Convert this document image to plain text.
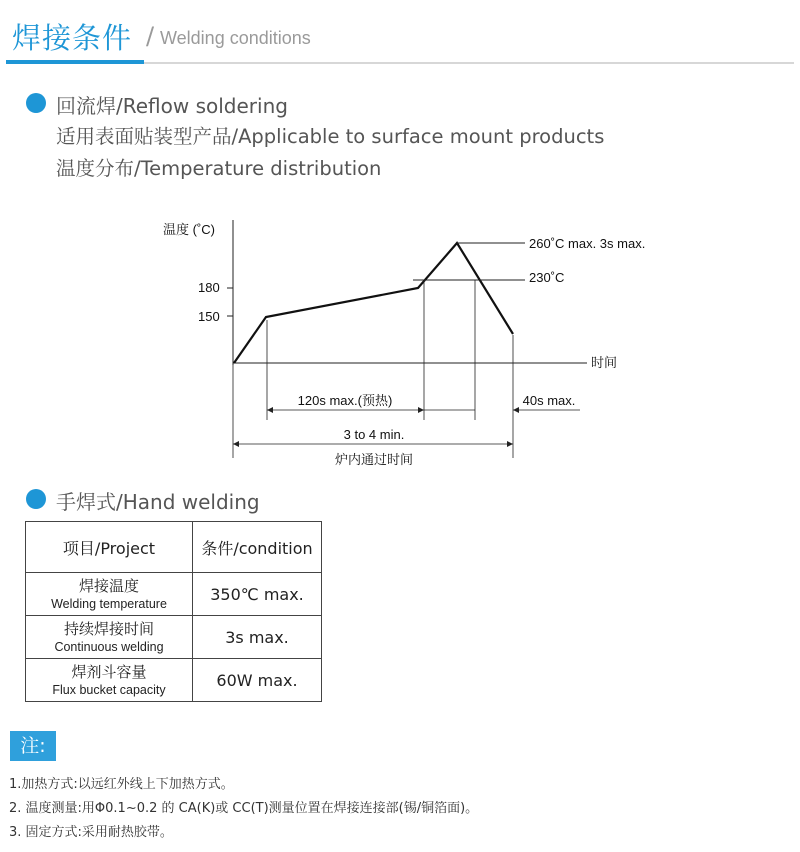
焊接条件 / Welding conditions
回流焊/Reflow soldering
适用表面贴装型产品/Applicable to surface mount products
温度分布/Temperature distribution
温度 (˚C)
时间
180
150
260˚C max. 3s max.
230˚C
120s max.(预热)	40s max.
3 to 4 min.
炉内通过时间
手焊式/Hand welding
项目/Project	条件/condition

焊接温度
Welding temperature	350℃ max.

持续焊接时间
Continuous welding	3s max.

焊剂斗容量
Flux bucket capacity	60W max.
注:
1.加热方式:以远红外线上下加热方式。
2. 温度测量:用Φ0.1~0.2 的 CA(K)或 CC(T)测量位置在焊接连接部(锡/铜箔面)。
3. 固定方式:采用耐热胶带。
